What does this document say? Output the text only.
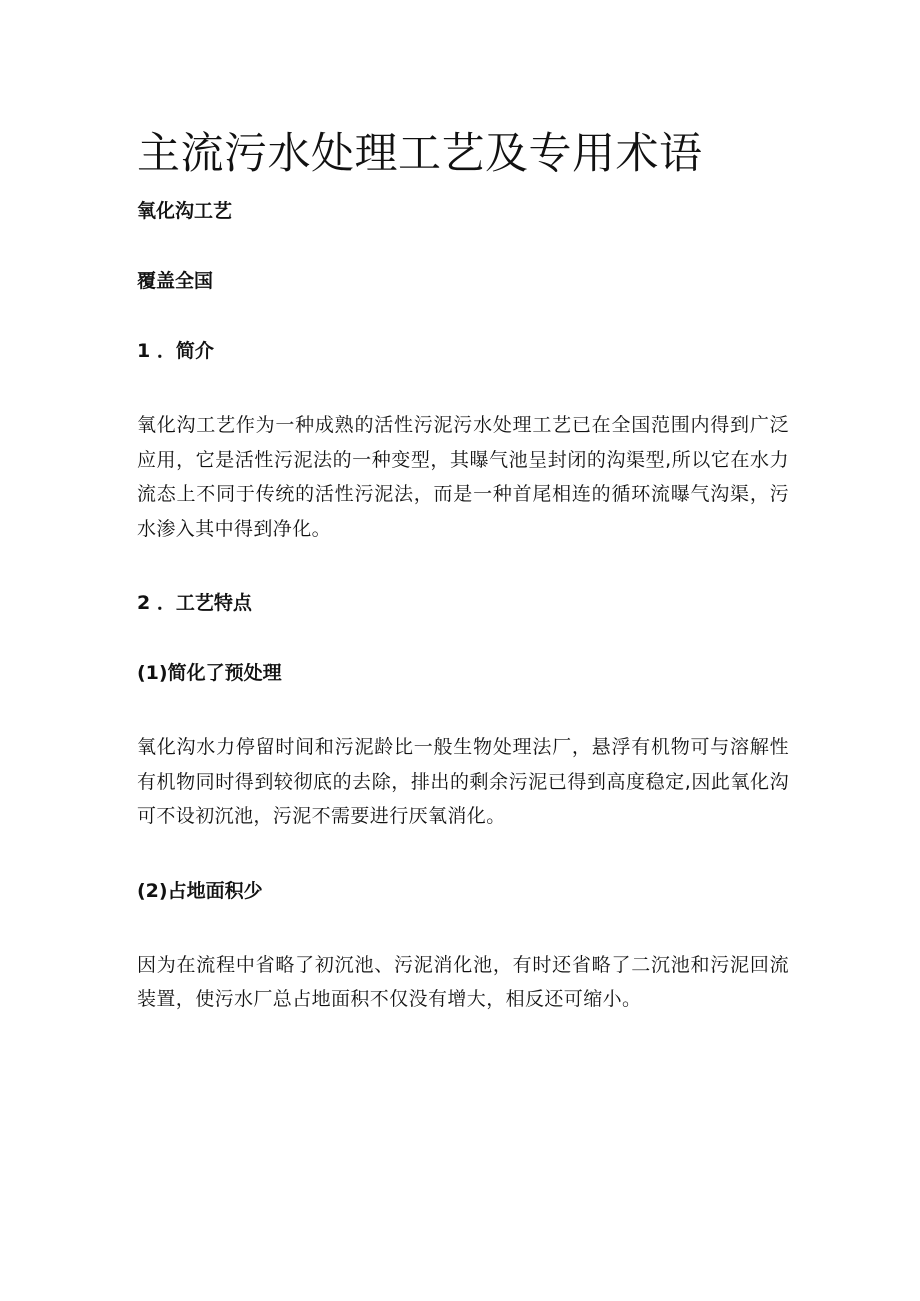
主流污水处理工艺及专用术语
氧化沟工艺
覆盖全国
1 ．简介

氧化沟工艺作为一种成熟的活性污泥污水处理工艺已在全国范围内得到广泛应用，它是活性污泥法的一种变型，其曝气池呈封闭的沟渠型,所以它在水力流态上不同于传统的活性污泥法，而是一种首尾相连的循环流曝气沟渠，污水渗入其中得到净化。

2 ．工艺特点
(1)简化了预处理

氧化沟水力停留时间和污泥龄比一般生物处理法厂，悬浮有机物可与溶解性有机物同时得到较彻底的去除，排出的剩余污泥已得到高度稳定,因此氧化沟可不设初沉池，污泥不需要进行厌氧消化。

(2)占地面积少

因为在流程中省略了初沉池、污泥消化池，有时还省略了二沉池和污泥回流装置，使污水厂总占地面积不仅没有增大，相反还可缩小。
